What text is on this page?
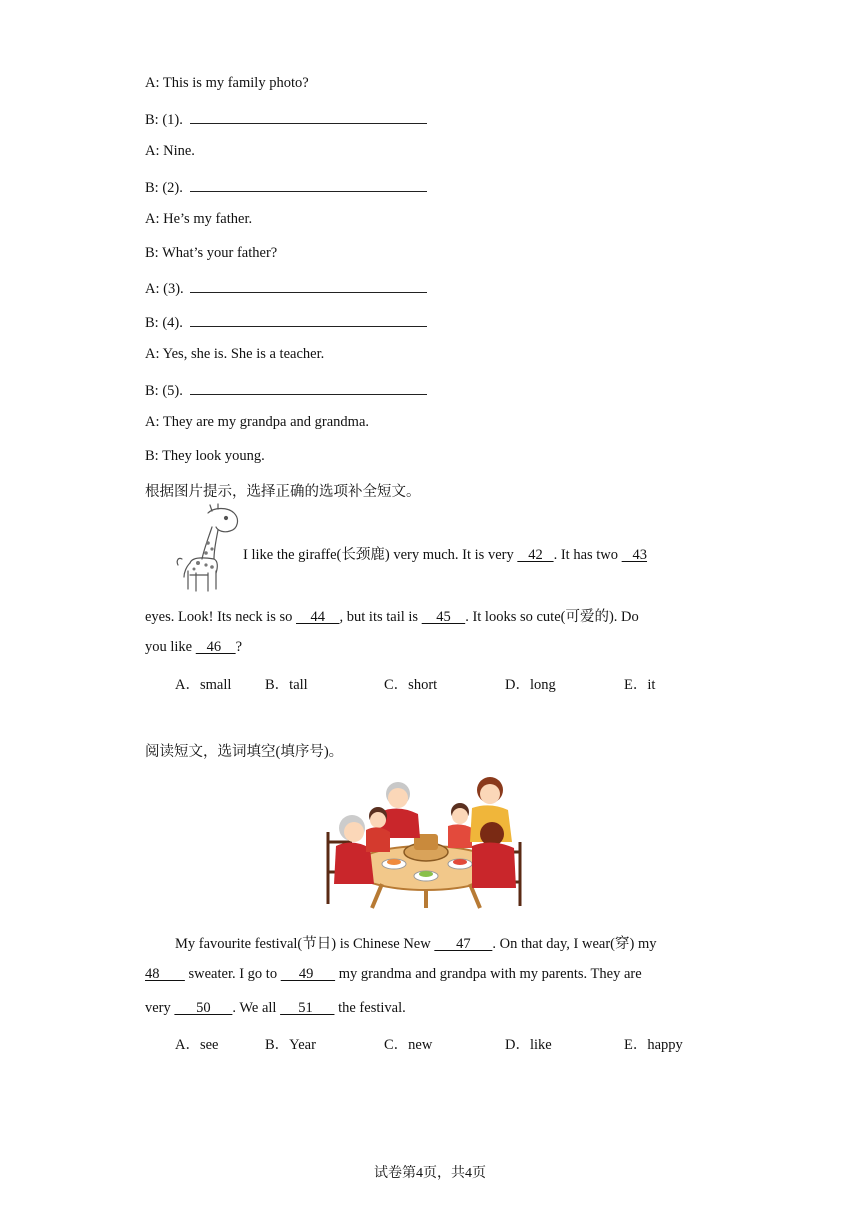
A: This is my family photo?
B: (1).
A: Nine.
B: (2).
A: He’s my father.
B: What’s your father?
A: (3).
B: (4).
A: Yes, she is. She is a teacher.
B: (5).
A: They are my grandpa and grandma.
B: They look young.
根据图片提示，选择正确的选项补全短文。
I like the giraffe(长颈鹿) very much. It is very    42   . It has two    43
eyes. Look! Its neck is so     44    , but its tail is     45    . It looks so cute(可爱的). Do
you like    46    ?
A．small B．tall	C．short	D．long	E．it
阅读短文，选词填空(填序号)。
My favourite festival(节日) is Chinese New       47      . On that day, I wear(穿) my
48        sweater. I go to      49       my grandma and grandpa with my parents. They are
very       50      . We all      51       the festival.
A．see	B．Year	C．new	D．like	E．happy
试卷第4页，共4页
